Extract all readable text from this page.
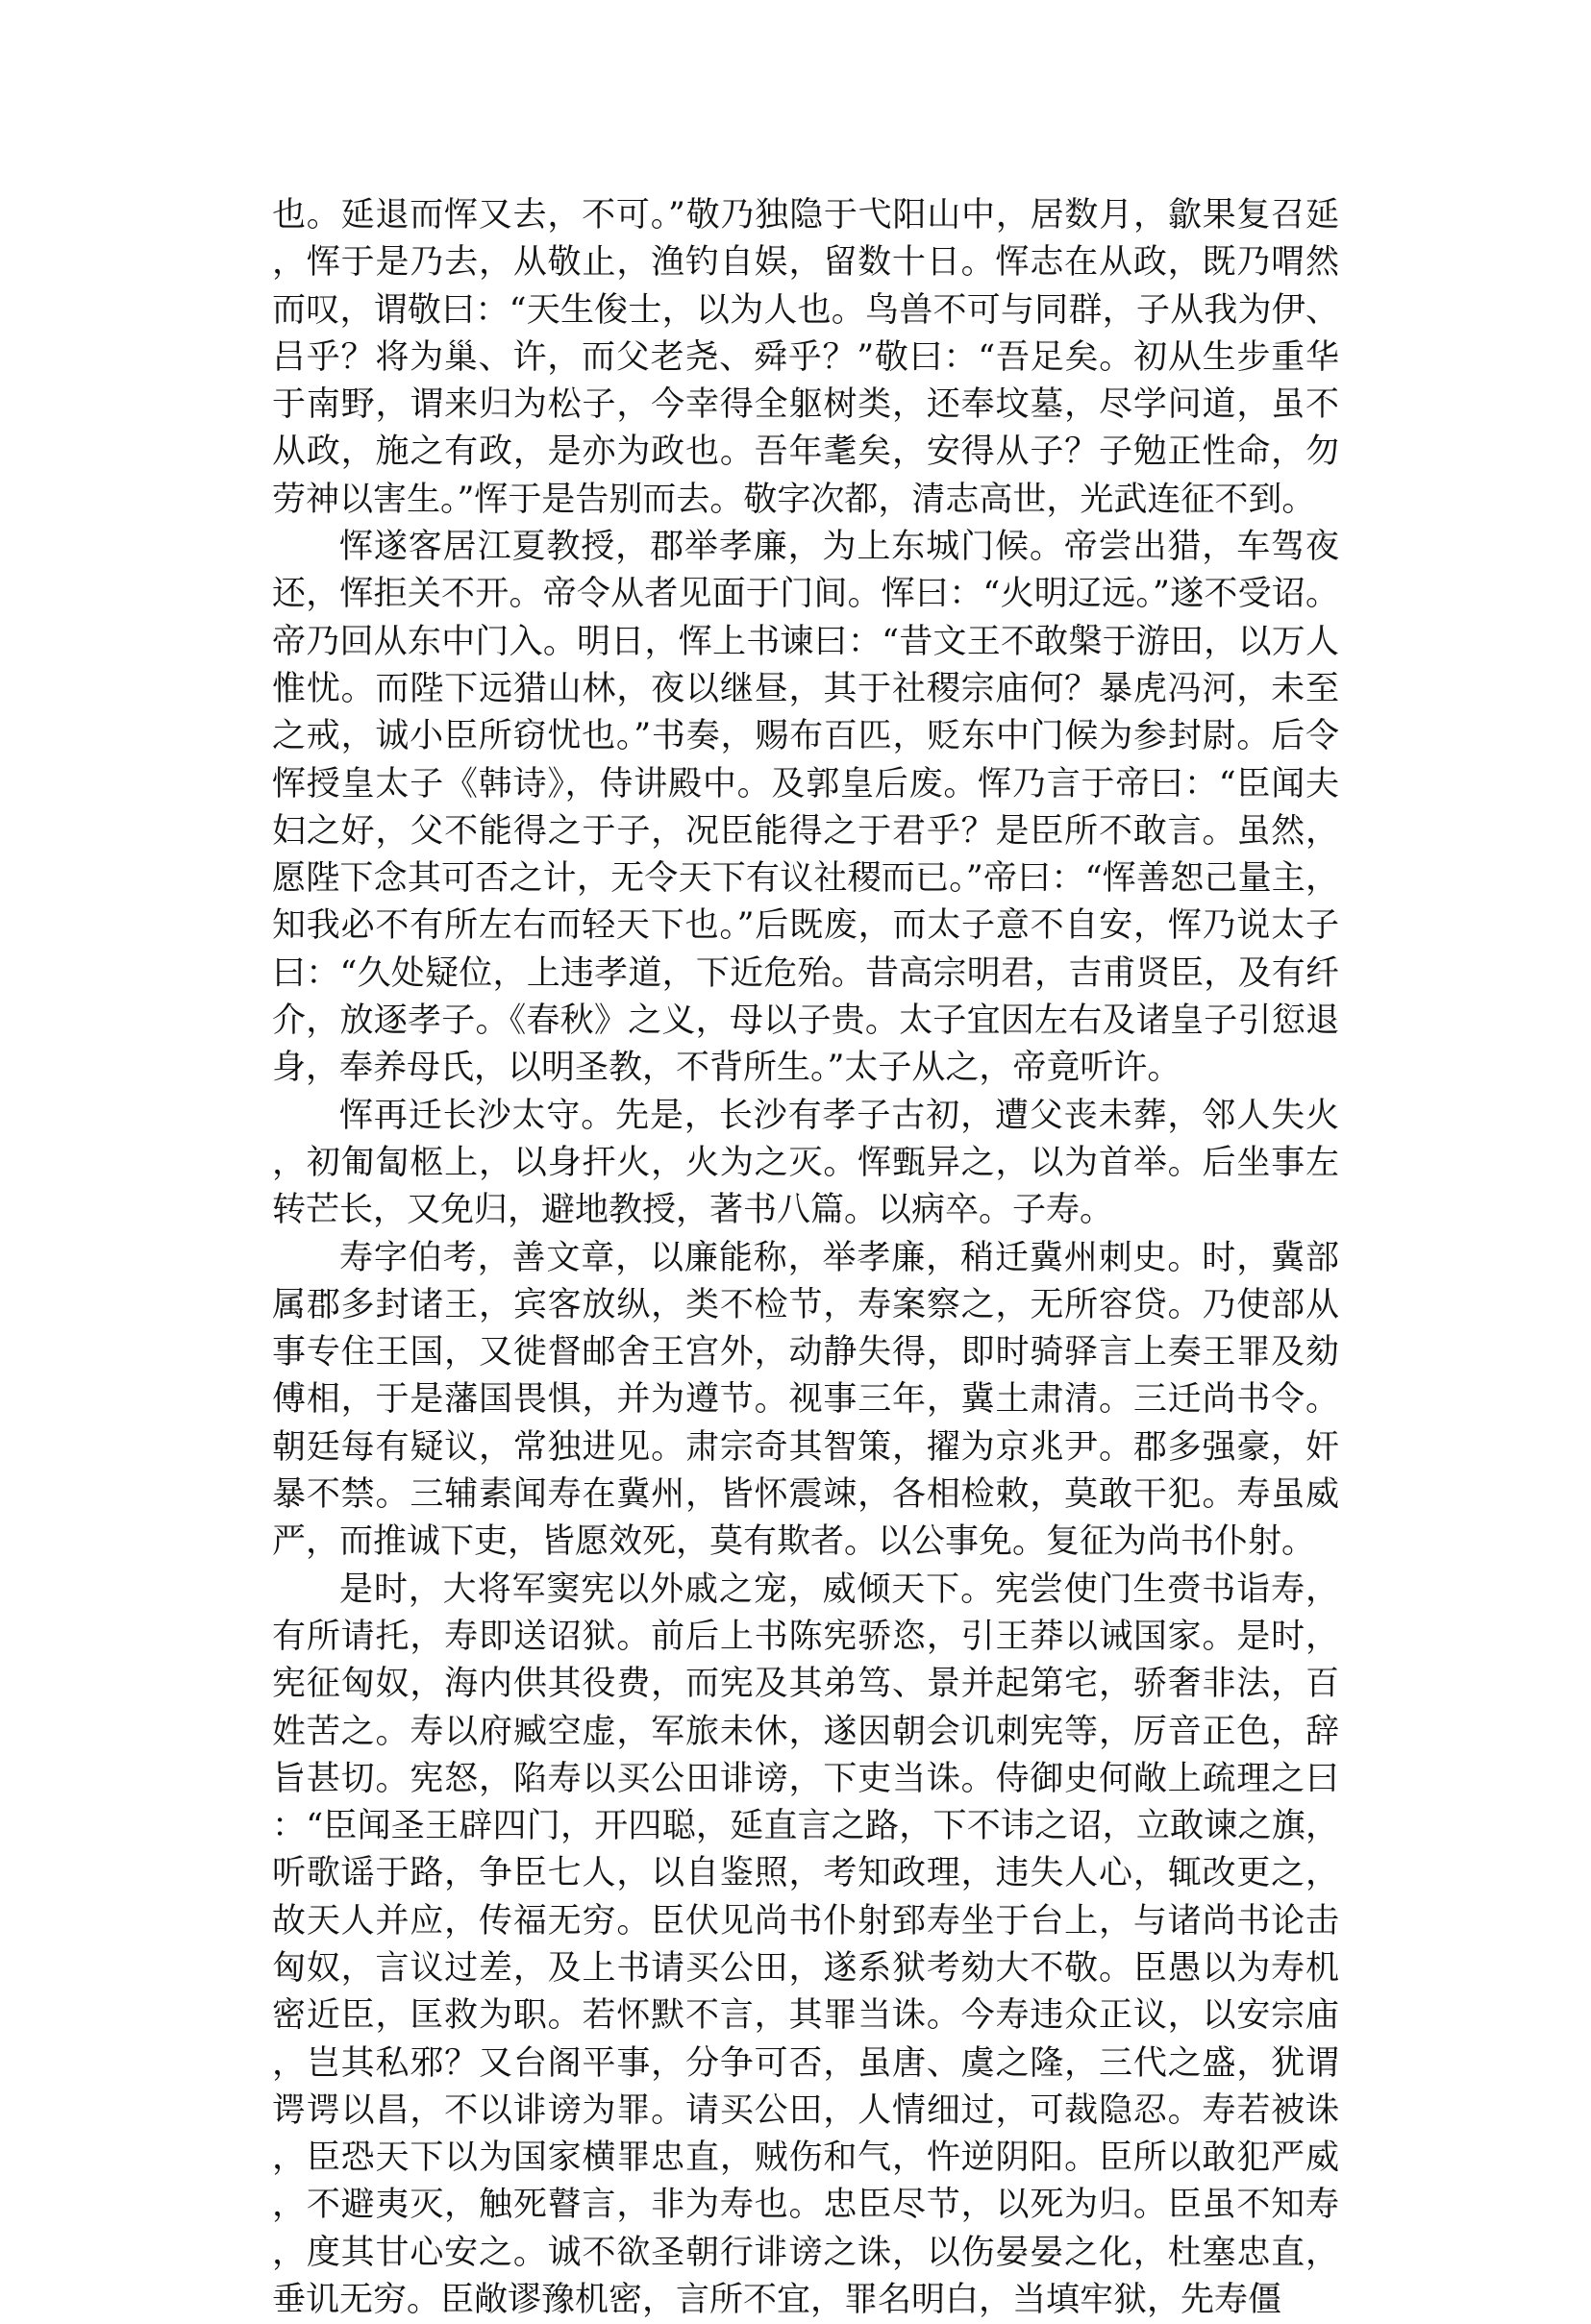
也。延退而恽又去，不可。”敬乃独隐于弋阳山中，居数月，歙果复召延，恽于是乃去，从敬止，渔钓自娱，留数十日。恽志在从政，既乃喟然而叹，谓敬曰：“天生俊士，以为人也。鸟兽不可与同群，子从我为伊、吕乎？将为巢、许，而父老尧、舜乎？”敬曰：“吾足矣。初从生步重华于南野，谓来归为松子，今幸得全躯树类，还奉坟墓，尽学问道，虽不从政，施之有政，是亦为政也。吾年耄矣，安得从子？子勉正性命，勿劳神以害生。”恽于是告别而去。敬字次都，清志高世，光武连征不到。

恽遂客居江夏教授，郡举孝廉，为上东城门候。帝尝出猎，车驾夜还，恽拒关不开。帝令从者见面于门间。恽曰：“火明辽远。”遂不受诏。帝乃回从东中门入。明日，恽上书谏曰：“昔文王不敢槃于游田，以万人惟忧。而陛下远猎山林，夜以继昼，其于社稷宗庙何？暴虎冯河，未至之戒，诚小臣所窃忧也。”书奏，赐布百匹，贬东中门候为参封尉。后令恽授皇太子《韩诗》，侍讲殿中。及郭皇后废。恽乃言于帝曰：“臣闻夫妇之好，父不能得之于子，况臣能得之于君乎？是臣所不敢言。虽然，愿陛下念其可否之计，无令天下有议社稷而已。”帝曰：“恽善恕己量主，知我必不有所左右而轻天下也。”后既废，而太子意不自安，恽乃说太子曰：“久处疑位，上违孝道，下近危殆。昔高宗明君，吉甫贤臣，及有纤介，放逐孝子。《春秋》之义，母以子贵。太子宜因左右及诸皇子引愆退身，奉养母氏，以明圣教，不背所生。”太子从之，帝竟听许。

恽再迁长沙太守。先是，长沙有孝子古初，遭父丧未葬，邻人失火，初匍匐柩上，以身扞火，火为之灭。恽甄异之，以为首举。后坐事左转芒长，又免归，避地教授，著书八篇。以病卒。子寿。

寿字伯考，善文章，以廉能称，举孝廉，稍迁冀州刺史。时，冀部属郡多封诸王，宾客放纵，类不检节，寿案察之，无所容贷。乃使部从事专住王国，又徙督邮舍王宫外，动静失得，即时骑驿言上奏王罪及劾傅相，于是藩国畏惧，并为遵节。视事三年，冀土肃清。三迁尚书令。朝廷每有疑议，常独进见。肃宗奇其智策，擢为京兆尹。郡多强豪，奸暴不禁。三辅素闻寿在冀州，皆怀震竦，各相检敕，莫敢干犯。寿虽威严，而推诚下吏，皆愿效死，莫有欺者。以公事免。复征为尚书仆射。

是时，大将军窦宪以外戚之宠，威倾天下。宪尝使门生赍书诣寿，有所请托，寿即送诏狱。前后上书陈宪骄恣，引王莽以诫国家。是时，宪征匈奴，海内供其役费，而宪及其弟笃、景并起第宅，骄奢非法，百姓苦之。寿以府臧空虚，军旅未休，遂因朝会讥刺宪等，厉音正色，辞旨甚切。宪怒，陷寿以买公田诽谤，下吏当诛。侍御史何敞上疏理之曰：“臣闻圣王辟四门，开四聪，延直言之路，下不讳之诏，立敢谏之旗，听歌谣于路，争臣七人，以自鉴照，考知政理，违失人心，辄改更之，故天人并应，传福无穷。臣伏见尚书仆射郅寿坐于台上，与诸尚书论击匈奴，言议过差，及上书请买公田，遂系狱考劾大不敬。臣愚以为寿机密近臣，匡救为职。若怀默不言，其罪当诛。今寿违众正议，以安宗庙，岂其私邪？又台阁平事，分争可否，虽唐、虞之隆，三代之盛，犹谓谔谔以昌，不以诽谤为罪。请买公田，人情细过，可裁隐忍。寿若被诛，臣恐天下以为国家横罪忠直，贼伤和气，忤逆阴阳。臣所以敢犯严威，不避夷灭，触死瞽言，非为寿也。忠臣尽节，以死为归。臣虽不知寿，度其甘心安之。诚不欲圣朝行诽谤之诛，以伤晏晏之化，杜塞忠直，垂讥无穷。臣敞谬豫机密，言所不宜，罪名明白，当填牢狱，先寿僵
